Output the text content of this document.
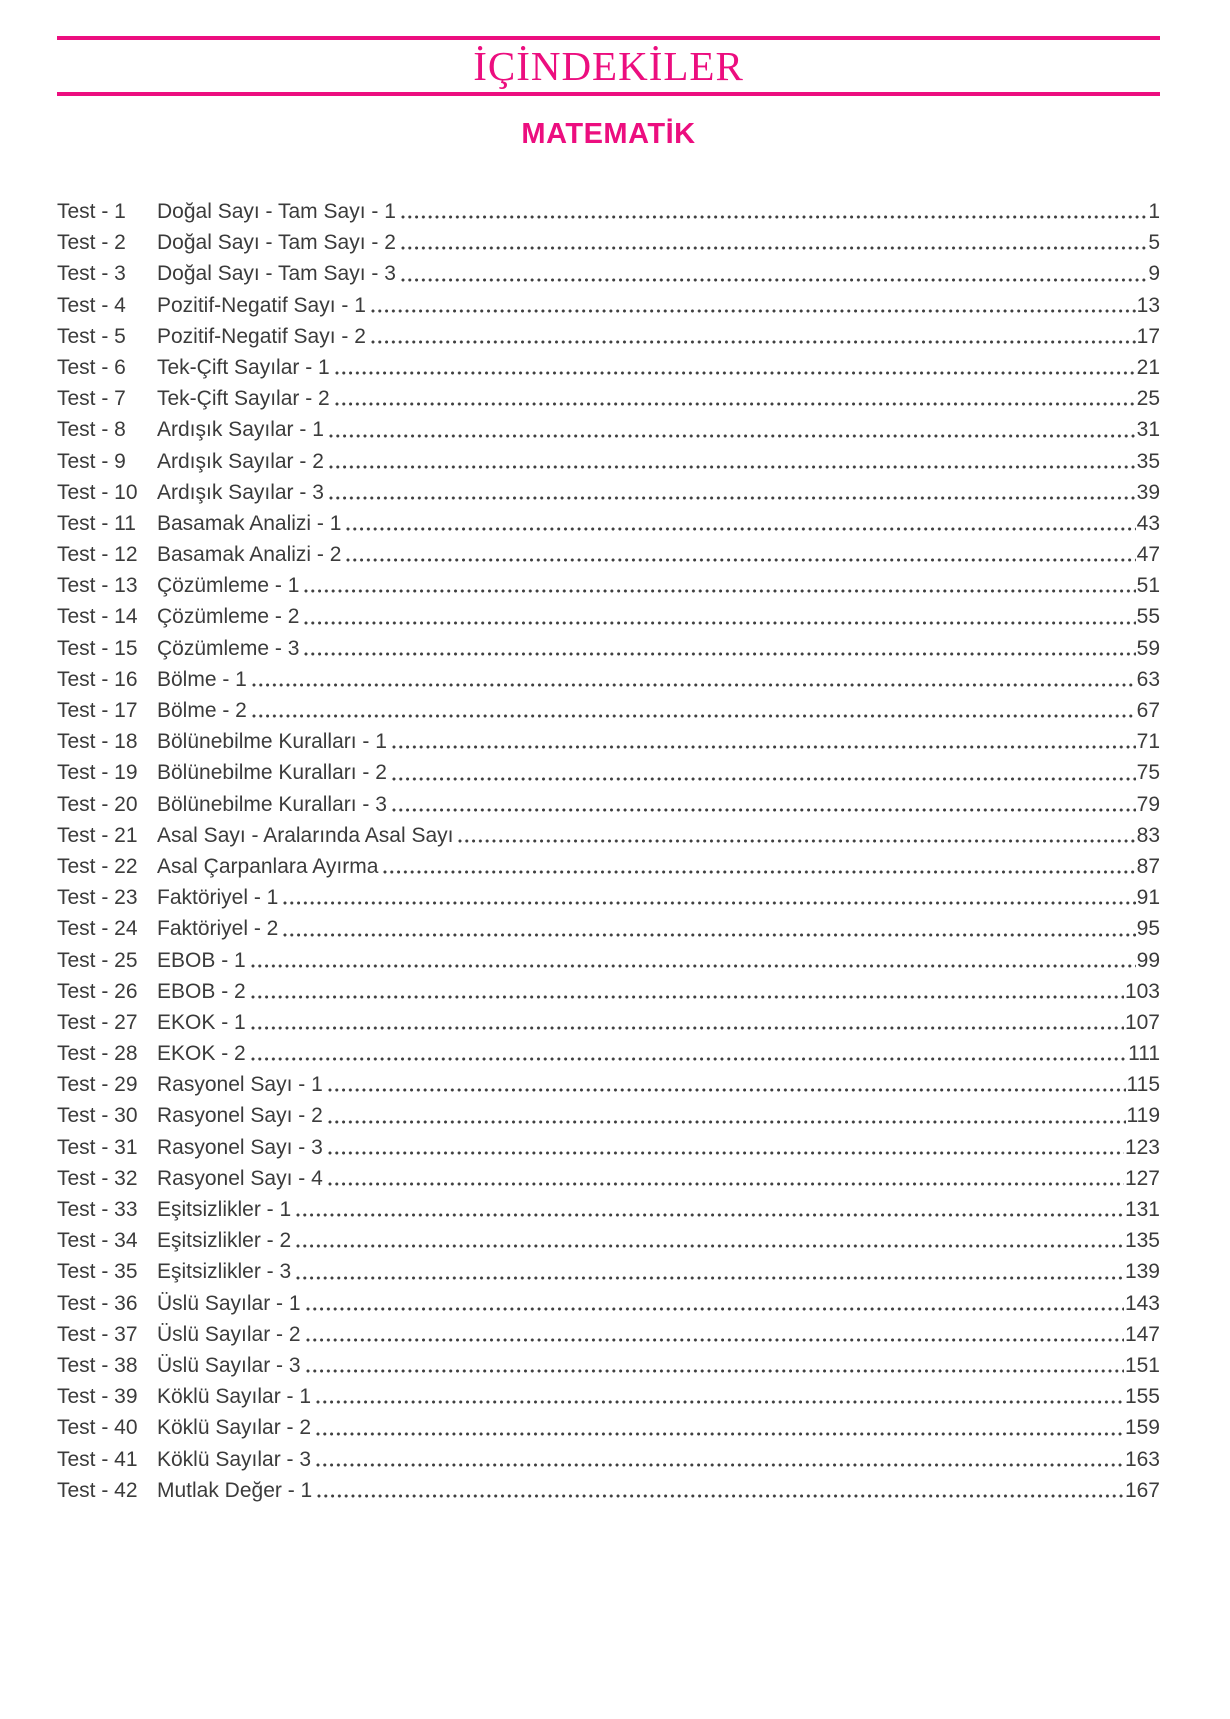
İÇİNDEKİLER
MATEMATİK
Test - 1	Doğal Sayı - Tam Sayı - 1	1
Test - 2	Doğal Sayı - Tam Sayı - 2	5
Test - 3	Doğal Sayı - Tam Sayı - 3	9
Test - 4	Pozitif-Negatif Sayı - 1	13
Test - 5	Pozitif-Negatif Sayı - 2	17
Test - 6	Tek-Çift Sayılar - 1	21
Test - 7	Tek-Çift Sayılar - 2	25
Test - 8	Ardışık Sayılar - 1	31
Test - 9	Ardışık Sayılar - 2	35
Test - 10 Ardışık Sayılar - 3	39
Test - 11	Basamak Analizi - 1	43
Test - 12 Basamak Analizi - 2	47
Test - 13 Çözümleme - 1	51
Test - 14 Çözümleme - 2	55
Test - 15 Çözümleme - 3	59
Test - 16 Bölme - 1	63
Test - 17 Bölme - 2	67
Test - 18 Bölünebilme Kuralları - 1	71
Test - 19 Bölünebilme Kuralları - 2	75
Test - 20 Bölünebilme Kuralları - 3	79
Test - 21 Asal Sayı - Aralarında Asal Sayı	83
Test - 22 Asal Çarpanlara Ayırma	87
Test - 23 Faktöriyel - 1	91
Test - 24 Faktöriyel - 2	95
Test - 25 EBOB - 1	99
Test - 26 EBOB - 2	103
Test - 27 EKOK - 1	107
Test - 28 EKOK - 2	111
Test - 29 Rasyonel Sayı - 1	115
Test - 30 Rasyonel Sayı - 2	119
Test - 31 Rasyonel Sayı - 3	123
Test - 32 Rasyonel Sayı - 4	127
Test - 33 Eşitsizlikler - 1	131
Test - 34 Eşitsizlikler - 2	135
Test - 35 Eşitsizlikler - 3	139
Test - 36 Üslü Sayılar - 1	143
Test - 37 Üslü Sayılar - 2	147
Test - 38 Üslü Sayılar - 3	151
Test - 39 Köklü Sayılar - 1	155
Test - 40 Köklü Sayılar - 2	159
Test - 41 Köklü Sayılar - 3	163
Test - 42 Mutlak Değer - 1	167
